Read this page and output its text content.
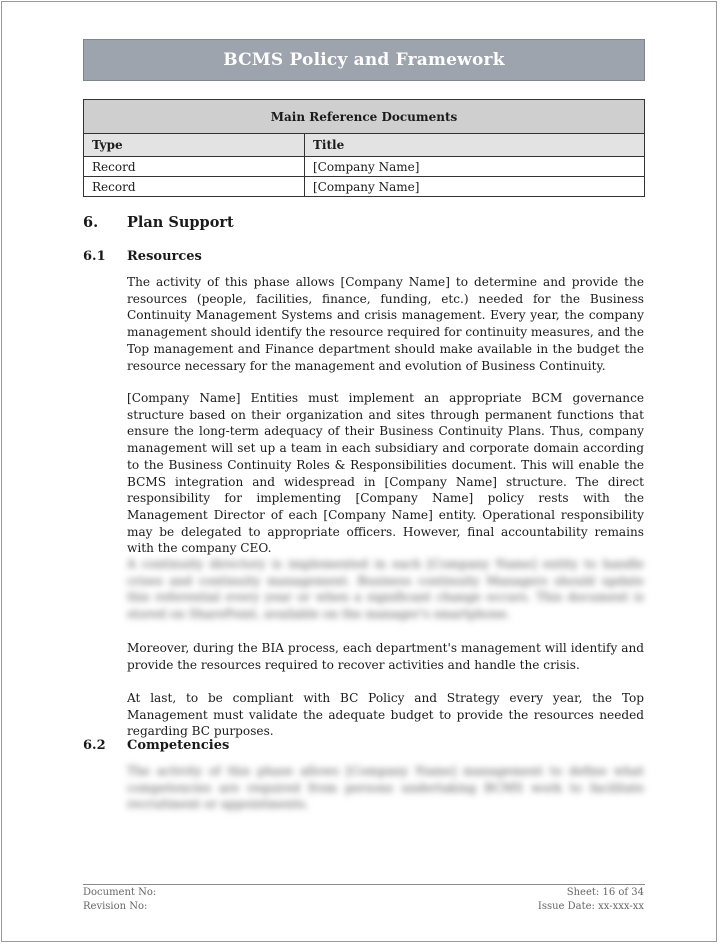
BCMS Policy and Framework
Main Reference Documents	
Type	Title
Record	[Company Name]
Record	[Company Name]
6. Plan Support
6.1 Resources

The activity of this phase allows [Company Name] to determine and provide the resources (people, facilities, finance, funding, etc.) needed for the Business Continuity Management Systems and crisis management. Every year, the company management should identify the resource required for continuity measures, and the Top management and Finance department should make available in the budget the resource necessary for the management and evolution of Business Continuity.

[Company Name] Entities must implement an appropriate BCM governance structure based on their organization and sites through permanent functions that ensure the long-term adequacy of their Business Continuity Plans. Thus, company management will set up a team in each subsidiary and corporate domain according to the Business Continuity Roles & Responsibilities document. This will enable the BCMS integration and widespread in [Company Name] structure. The direct responsibility for implementing [Company Name] policy rests with the Management Director of each [Company Name] entity. Operational responsibility may be delegated to appropriate officers. However, final accountability remains with the company CEO.

A continuity directory is implemented in each [Company Name] entity to handle crises and continuity management. Business continuity Managers should update this referential every year or when a significant change occurs. This document is stored on SharePoint, available on the manager's smartphone.

Moreover, during the BIA process, each department's management will identify and provide the resources required to recover activities and handle the crisis.

At last, to be compliant with BC Policy and Strategy every year, the Top Management must validate the adequate budget to provide the resources needed regarding BC purposes.

6.2 Competencies

The activity of this phase allows [Company Name] management to define what competencies are required from persons undertaking BCMS work to facilitate recruitment or appointments.

Document No:
Revision No:
Sheet: 16 of 34
Issue Date: xx-xxx-xx
